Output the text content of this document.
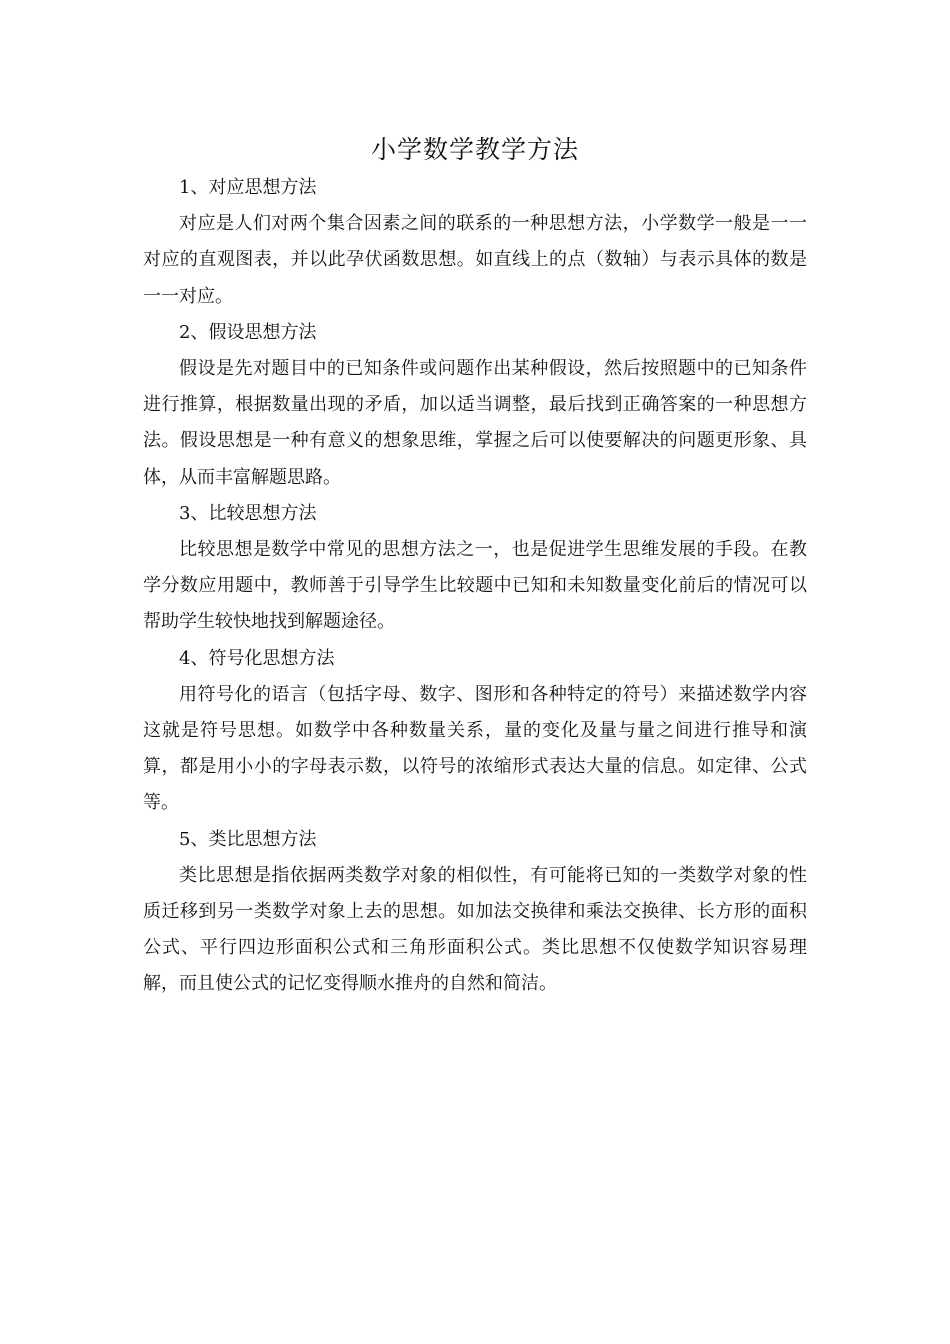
小学数学教学方法

1、对应思想方法

对应是人们对两个集合因素之间的联系的一种思想方法，小学数学一般是一一对应的直观图表，并以此孕伏函数思想。如直线上的点（数轴）与表示具体的数是一一对应。

2、假设思想方法

假设是先对题目中的已知条件或问题作出某种假设，然后按照题中的已知条件进行推算，根据数量出现的矛盾，加以适当调整，最后找到正确答案的一种思想方法。假设思想是一种有意义的想象思维，掌握之后可以使要解决的问题更形象、具体，从而丰富解题思路。

3、比较思想方法

比较思想是数学中常见的思想方法之一，也是促进学生思维发展的手段。在教学分数应用题中，教师善于引导学生比较题中已知和未知数量变化前后的情况可以帮助学生较快地找到解题途径。

4、符号化思想方法

用符号化的语言（包括字母、数字、图形和各种特定的符号）来描述数学内容这就是符号思想。如数学中各种数量关系，量的变化及量与量之间进行推导和演算，都是用小小的字母表示数，以符号的浓缩形式表达大量的信息。如定律、公式等。

5、类比思想方法

类比思想是指依据两类数学对象的相似性，有可能将已知的一类数学对象的性质迁移到另一类数学对象上去的思想。如加法交换律和乘法交换律、长方形的面积公式、平行四边形面积公式和三角形面积公式。类比思想不仅使数学知识容易理解，而且使公式的记忆变得顺水推舟的自然和简洁。
